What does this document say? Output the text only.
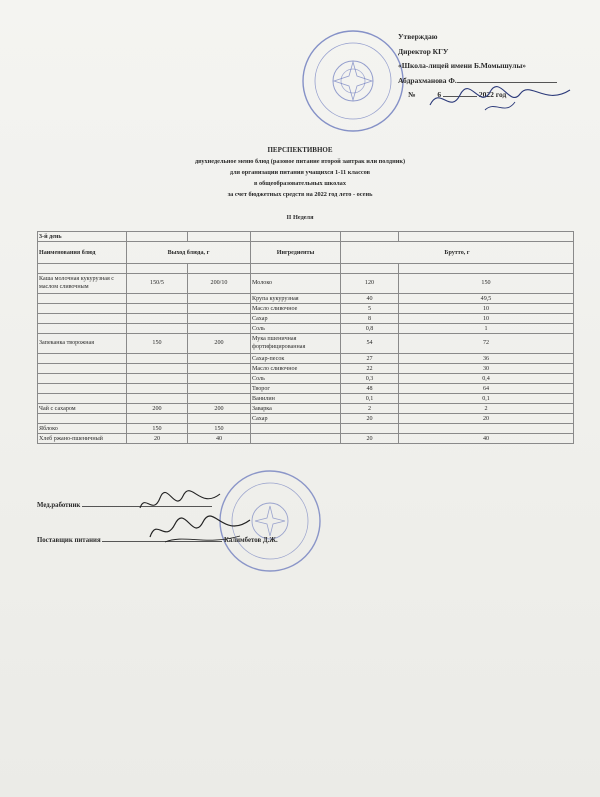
Утверждаю
Директор КГУ
«Школа-лицей имени Б.Момышулы»
Абдрахманова Ф.
№	6	2022 год
ПЕРСПЕКТИВНОЕ
двухнедельное меню блюд (разовое питание второй завтрак или полдник)
для организации питания учащихся 1-11 классов
в общеобразовательных школах
за счет бюджетных средств на 2022 год лето - осень
II Неделя
3-й день					
Наименования блюд	Выход блюда, г		Ингредиенты	Брутто, г	

Каша молочная кукурузная с маслом сливочным	150/5	200/10	Молоко	120	150
			Крупа кукурузная	40	49,5
			Масло сливочное	5	10
			Сахар	8	10
			Соль	0,8	1
Запеканка творожная	150	200	Мука пшеничная фортифицированная	54	72
			Сахар-песок	27	36
			Масло сливочное	22	30
			Соль	0,3	0,4
			Творог	48	64
			Ванилин	0,1	0,1
Чай с сахаром	200	200	Заварка	2	2
			Сахар	20	20
Яблоко	150	150			
Хлеб ржано-пшеничный	20	40		20	40
Мед.работник
Поставщик питания	Калимбетов Д.Ж.
